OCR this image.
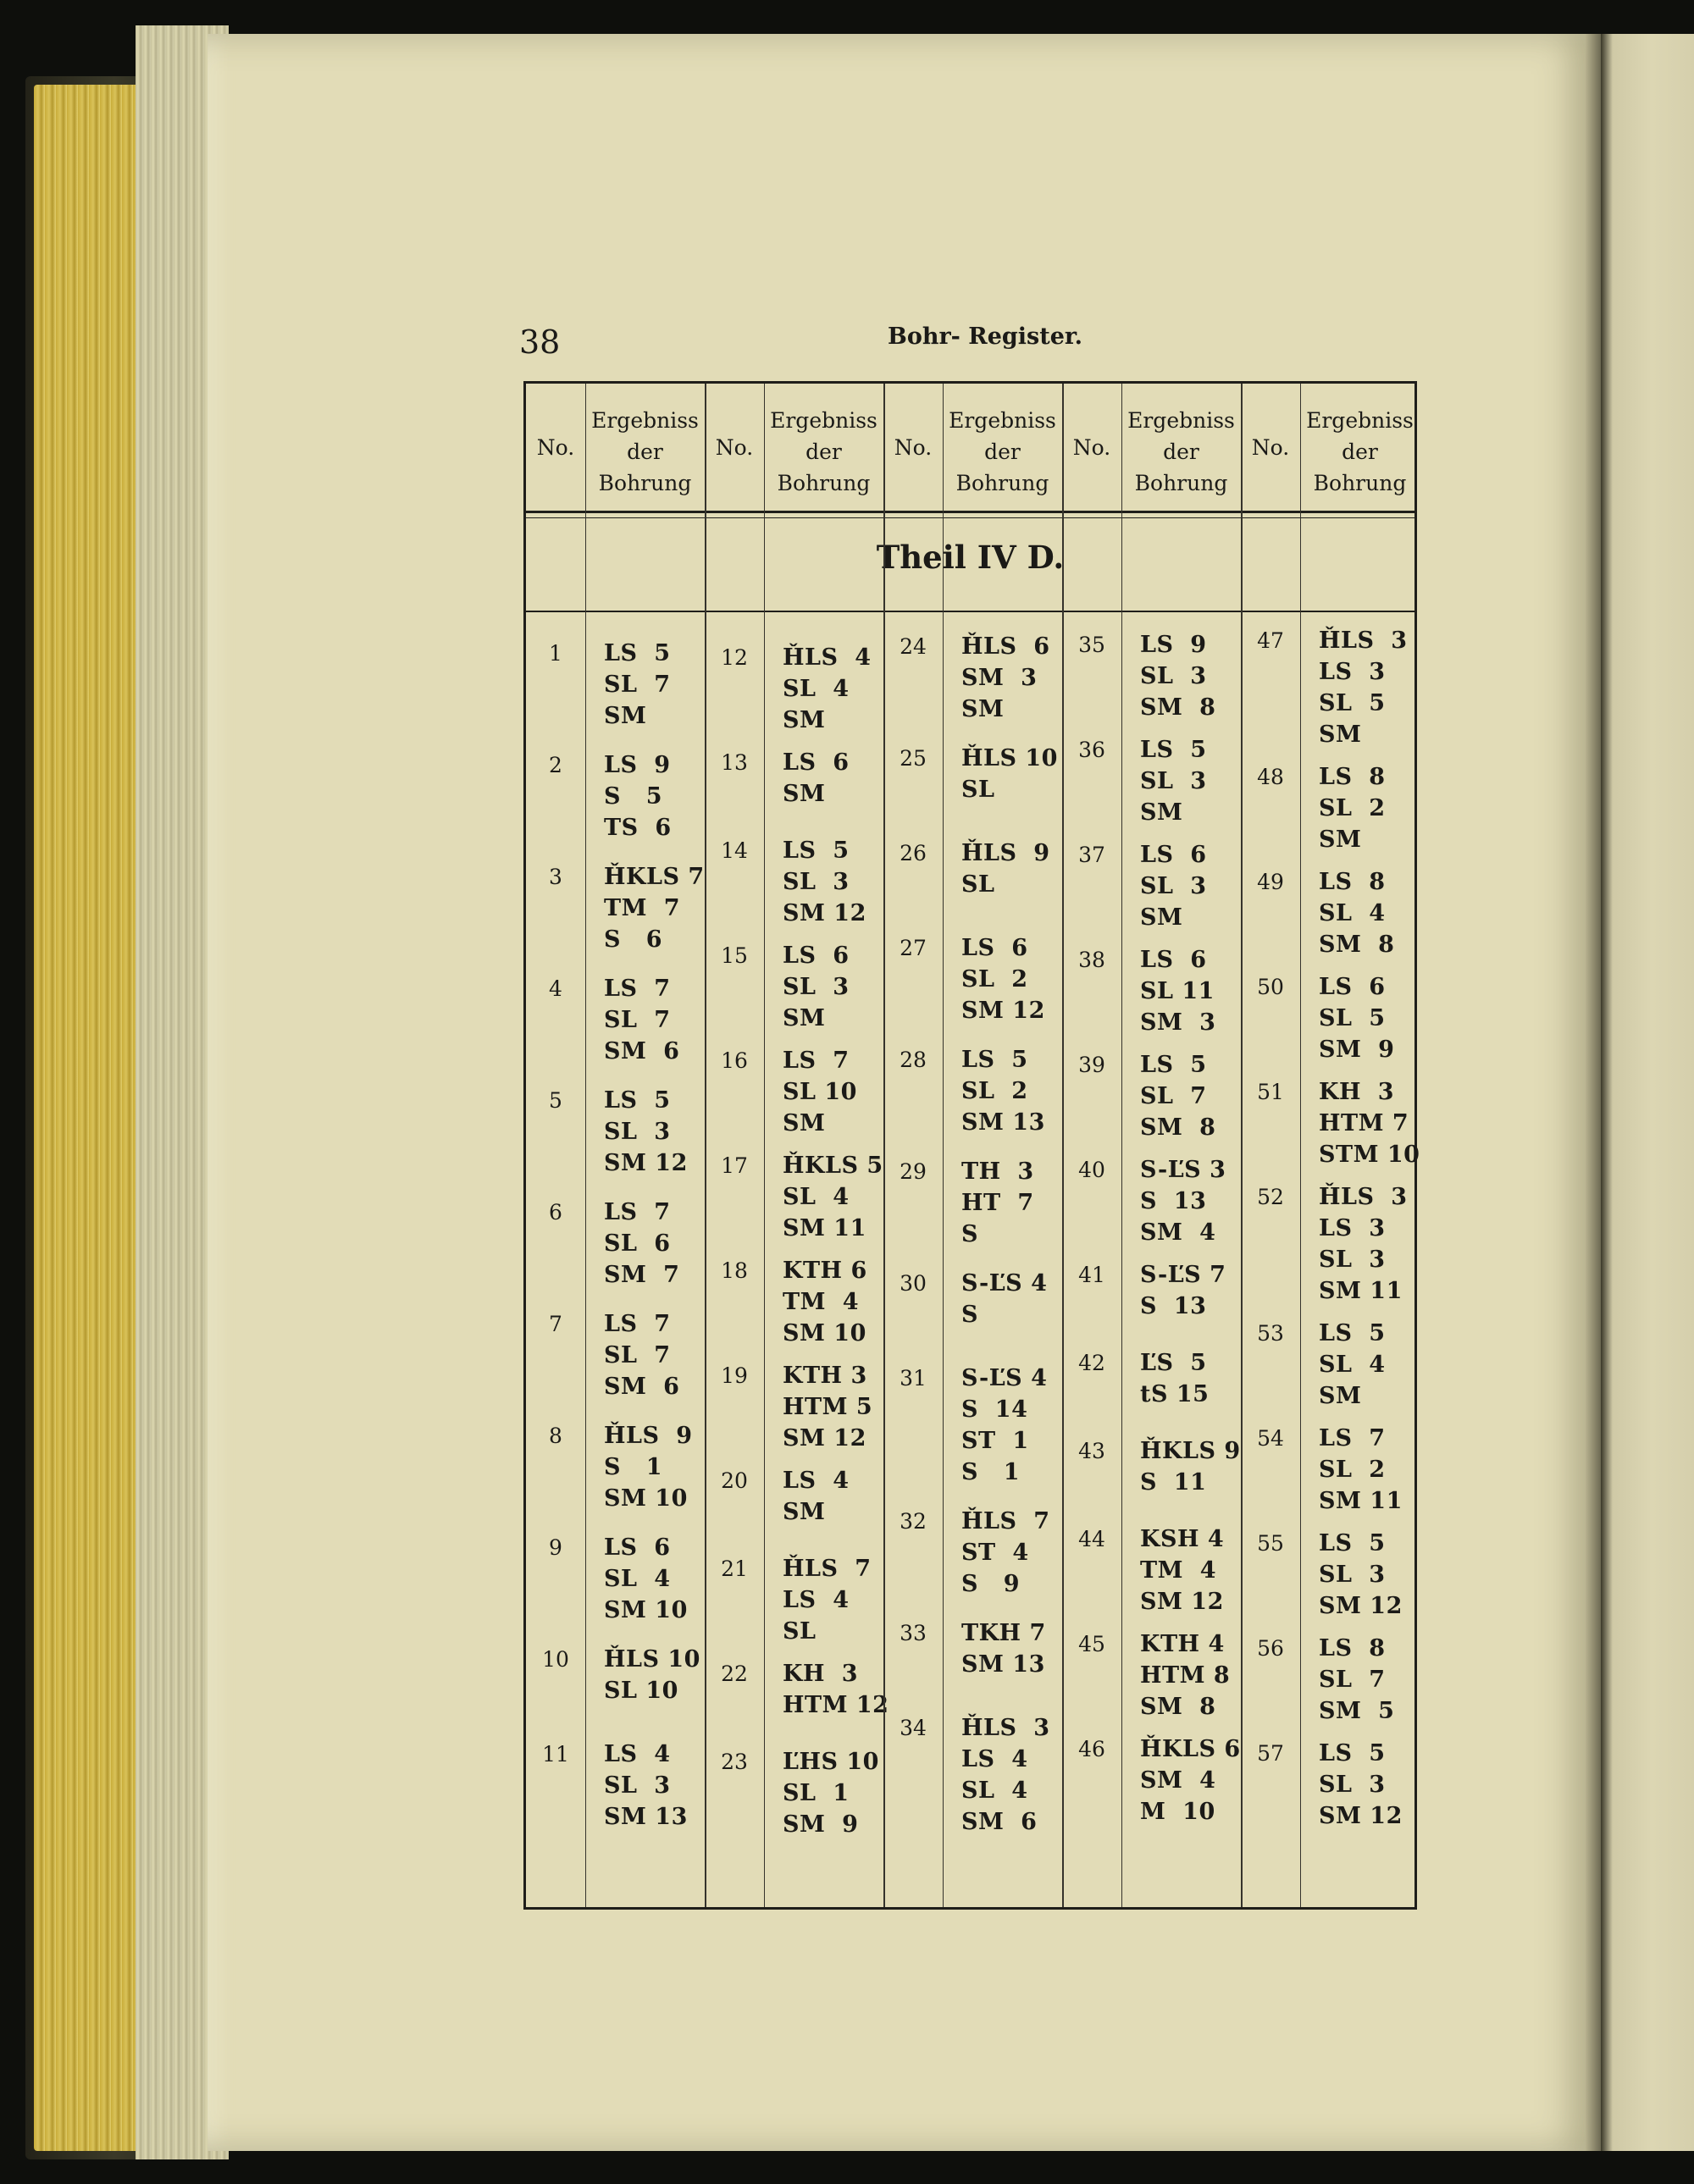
38	Bohr- Register.
Theil IV D.
No.
Ergebniss
der
Bohrung
No.
Ergebniss
der
Bohrung
No.
Ergebniss
der
Bohrung
No.
Ergebniss
der
Bohrung
No.
Ergebniss
der
Bohrung
1	LS  5
SL  7
SM
2	LS  9
S   5
TS  6
3	ȞKLS 7
TM  7
S   6
4	LS  7
SL  7
SM  6
5	LS  5
SL  3
SM 12
6	LS  7
SL  6
SM  7
7	LS  7
SL  7
SM  6
8	ȞLS  9
S   1
SM 10
9	LS  6
SL  4
SM 10
10	ȞLS 10
SL 10
11	LS  4
SL  3
SM 13
12	ȞLS  4
SL  4
SM
13	LS  6
SM
14	LS  5
SL  3
SM 12
15	LS  6
SL  3
SM
16	LS  7
SL 10
SM
17	ȞKLS 5
SL  4
SM 11
18	KTH 6
TM  4
SM 10
19	KTH 3
HTM 5
SM 12
20	LS  4
SM
21	ȞLS  7
LS  4
SL
22	KH  3
HTM 12
23	ĽHS 10
SL  1
SM  9
24	ȞLS  6
SM  3
SM
25	ȞLS 10
SL
26	ȞLS  9
SL
27	LS  6
SL  2
SM 12
28	LS  5
SL  2
SM 13
29	TH  3
HT  7
S
30	S-ĽS 4
S
31	S-ĽS 4
S  14
ST  1
S   1
32	ȞLS  7
ST  4
S   9
33	TKH 7
SM 13
34	ȞLS  3
LS  4
SL  4
SM  6
35	LS  9
SL  3
SM  8
36	LS  5
SL  3
SM
37	LS  6
SL  3
SM
38	LS  6
SL 11
SM  3
39	LS  5
SL  7
SM  8
40	S-ĽS 3
S  13
SM  4
41	S-ĽS 7
S  13
42	ĽS  5
tS 15
43	ȞKLS 9
S  11
44	KSH 4
TM  4
SM 12
45	KTH 4
HTM 8
SM  8
46	ȞKLS 6
SM  4
M  10
47	ȞLS  3
LS  3
SL  5
SM
48	LS  8
SL  2
SM
49	LS  8
SL  4
SM  8
50	LS  6
SL  5
SM  9
51	KH  3
HTM 7
STM 10
52	ȞLS  3
LS  3
SL  3
SM 11
53	LS  5
SL  4
SM
54	LS  7
SL  2
SM 11
55	LS  5
SL  3
SM 12
56	LS  8
SL  7
SM  5
57	LS  5
SL  3
SM 12
